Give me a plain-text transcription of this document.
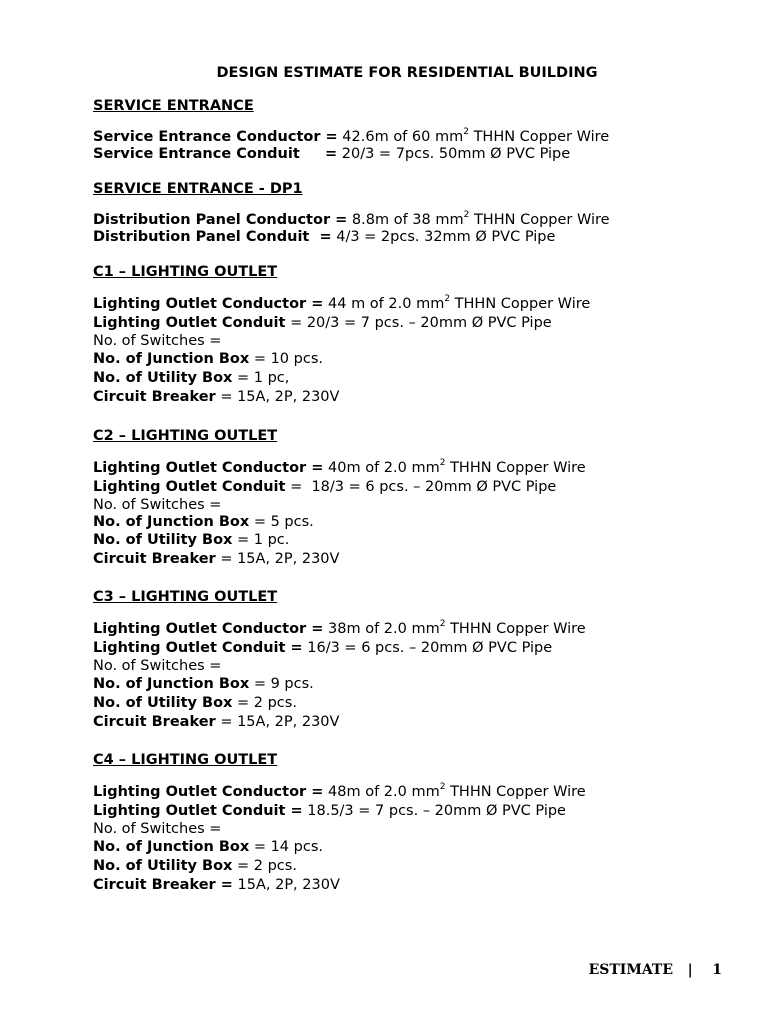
DESIGN ESTIMATE FOR RESIDENTIAL BUILDING
SERVICE ENTRANCE
Service Entrance Conductor = 42.6m of 60 $mm^2$ THHN Copper Wire
Service Entrance Conduit     = 20/3 = 7pcs. 50mm Ø PVC Pipe
SERVICE ENTRANCE - DP1
Distribution Panel Conductor = 8.8m of 38 $mm^2$ THHN Copper Wire
Distribution Panel Conduit  = 4/3 = 2pcs. 32mm Ø PVC Pipe
C1 – LIGHTING OUTLET
Lighting Outlet Conductor = 44 m of 2.0 $mm^2$ THHN Copper Wire
Lighting Outlet Conduit = 20/3 = 7 pcs. – 20mm Ø PVC Pipe
No. of Switches =
No. of Junction Box = 10 pcs.
No. of Utility Box = 1 pc,
Circuit Breaker = 15A, 2P, 230V
C2 – LIGHTING OUTLET
Lighting Outlet Conductor = 40m of 2.0 $mm^2$ THHN Copper Wire
Lighting Outlet Conduit =  18/3 = 6 pcs. – 20mm Ø PVC Pipe
No. of Switches =
No. of Junction Box = 5 pcs.
No. of Utility Box = 1 pc.
Circuit Breaker = 15A, 2P, 230V
C3 – LIGHTING OUTLET
Lighting Outlet Conductor = 38m of 2.0 $mm^2$ THHN Copper Wire
Lighting Outlet Conduit = 16/3 = 6 pcs. – 20mm Ø PVC Pipe
No. of Switches =
No. of Junction Box = 9 pcs.
No. of Utility Box = 2 pcs.
Circuit Breaker = 15A, 2P, 230V
C4 – LIGHTING OUTLET
Lighting Outlet Conductor = 48m of 2.0 $mm^2$ THHN Copper Wire
Lighting Outlet Conduit = 18.5/3 = 7 pcs. – 20mm Ø PVC Pipe
No. of Switches =
No. of Junction Box = 14 pcs.
No. of Utility Box = 2 pcs.
Circuit Breaker = 15A, 2P, 230V
ESTIMATE | 1
